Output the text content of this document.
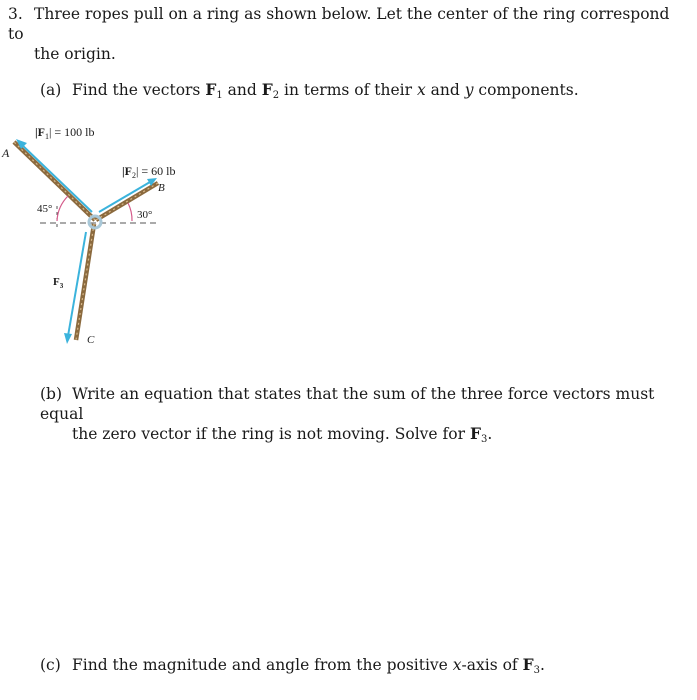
3. Three ropes pull on a ring as shown below. Let the center of the ring correspond to
the origin.
(a) Find the vectors $F_1$ and $F_2$ in terms of their x and y components.
A
$|F_1| = 100$ lb
$|F_2| = 60$ lb
B
45°	30°
$F_3$
C
(b) Write an equation that states that the sum of the three force vectors must equal
the zero vector if the ring is not moving. Solve for $F_3$.
(c) Find the magnitude and angle from the positive x-axis of $F_3$.
